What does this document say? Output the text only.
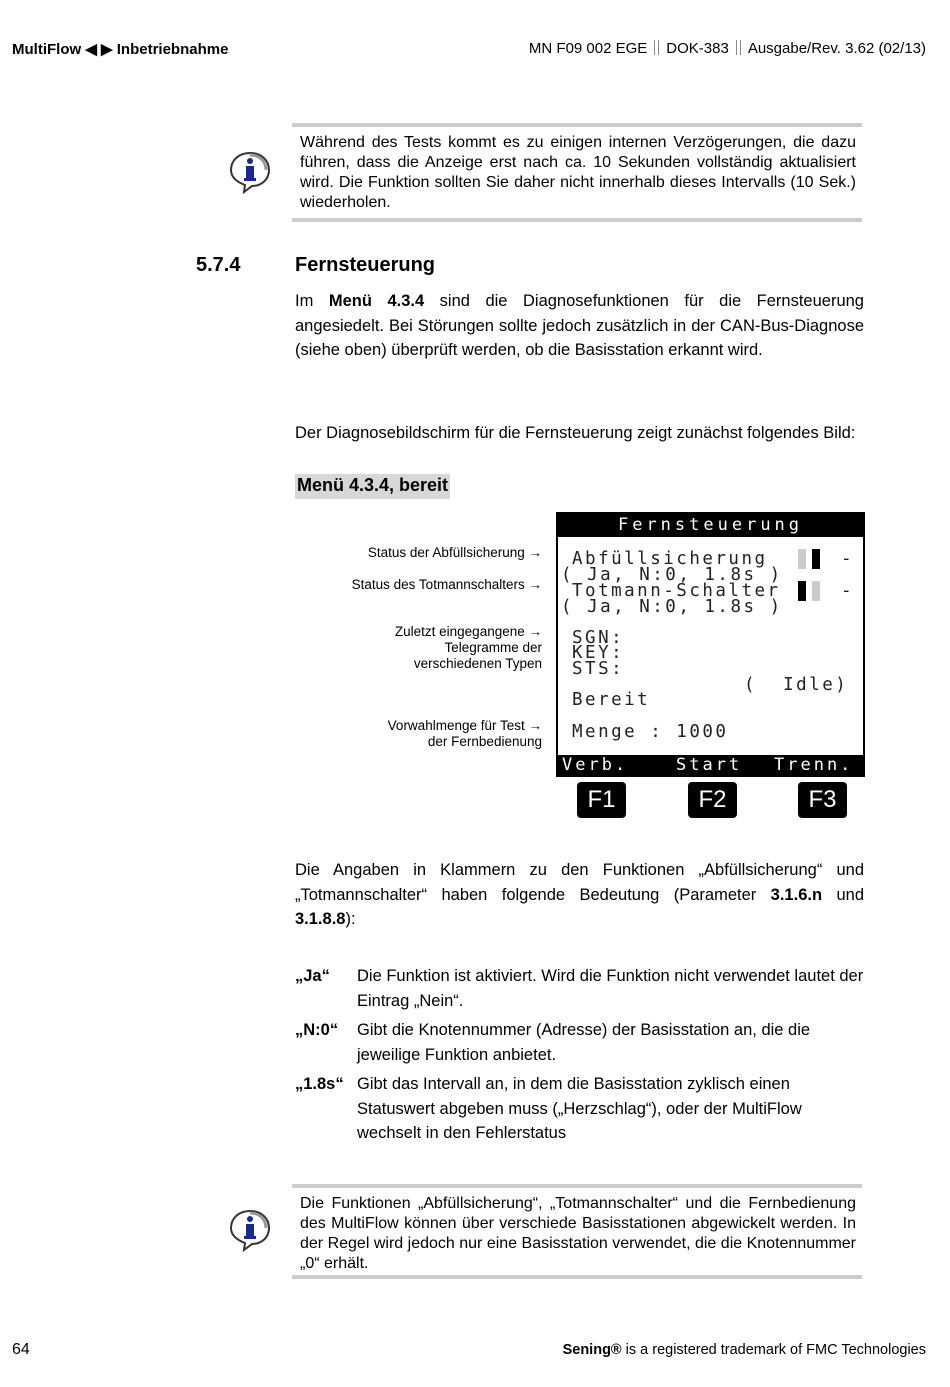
MultiFlow ◀ ▶ Inbetriebnahme	MN F09 002 EGE DOK-383 Ausgabe/Rev. 3.62 (02/13)
Während des Tests kommt es zu einigen internen Verzögerungen, die dazu führen, dass die Anzeige erst nach ca. 10 Sekunden vollständig aktualisiert wird. Die Funktion sollten Sie daher nicht innerhalb dieses Intervalls (10 Sek.) wiederholen.
5.7.4	Fernsteuerung
Im Menü 4.3.4 sind die Diagnosefunktionen für die Fernsteuerung angesiedelt. Bei Störungen sollte jedoch zusätzlich in der CAN-Bus-Diagnose (siehe oben) überprüft werden, ob die Basisstation erkannt wird.
Der Diagnosebildschirm für die Fernsteuerung zeigt zunächst folgendes Bild:
Menü 4.3.4, bereit
Status der Abfüllsicherung →
Status des Totmannschalters →
Zuletzt eingegangene →
Telegramme der
verschiedenen Typen
Vorwahlmenge für Test →
der Fernbedienung
Fernsteuerung
Abfüllsicherung	-
( Ja, N:0, 1.8s )
Totmann-Schalter	-
( Ja, N:0, 1.8s )
SGN:
KEY:
STS:
(  Idle)
Bereit
Menge : 1000
Verb.	Start Trenn.
F1	F2	F3
Die Angaben in Klammern zu den Funktionen „Abfüllsicherung“ und „Totmannschalter“ haben folgende Bedeutung (Parameter 3.1.6.n und 3.1.8.8):
„Ja“ Die Funktion ist aktiviert. Wird die Funktion nicht verwendet lautet der Eintrag „Nein“.
„N:0“ Gibt die Knotennummer (Adresse) der Basisstation an, die die jeweilige Funktion anbietet.
„1.8s“ Gibt das Intervall an, in dem die Basisstation zyklisch einen Statuswert abgeben muss („Herzschlag“), oder der MultiFlow wechselt in den Fehlerstatus
Die Funktionen „Abfüllsicherung“, „Totmannschalter“ und die Fernbedienung des MultiFlow können über verschiede Basisstationen abgewickelt werden. In der Regel wird jedoch nur eine Basisstation verwendet, die die Knotennummer „0“ erhält.
64	Sening® is a registered trademark of FMC Technologies
